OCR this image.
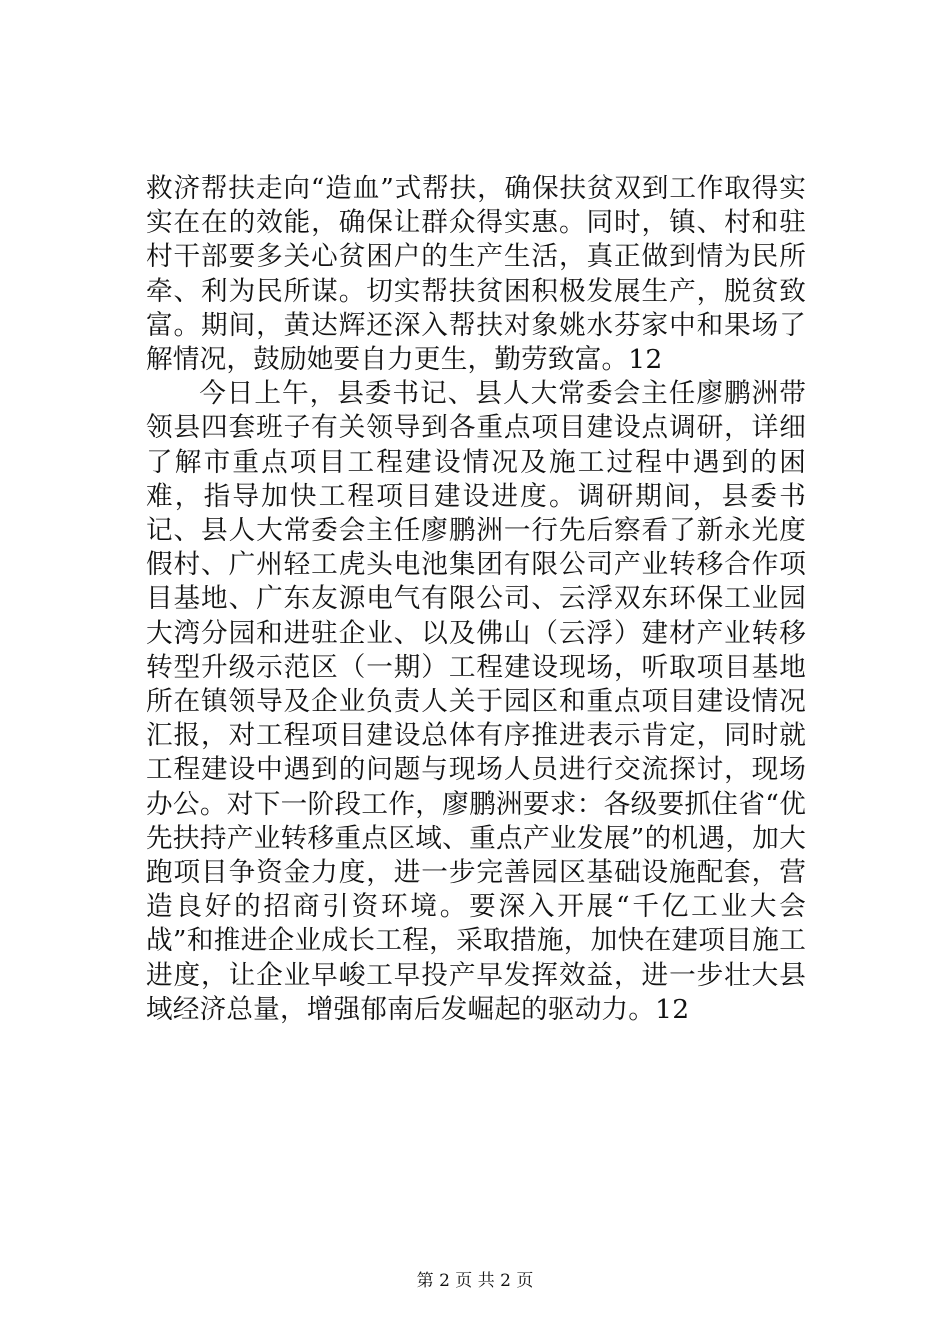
救济帮扶走向“造血”式帮扶，确保扶贫双到工作取得实实在在的效能，确保让群众得实惠。同时，镇、村和驻村干部要多关心贫困户的生产生活，真正做到情为民所牵、利为民所谋。切实帮扶贫困积极发展生产，脱贫致富。期间，黄达辉还深入帮扶对象姚水芬家中和果场了解情况，鼓励她要自力更生，勤劳致富。12

今日上午，县委书记、县人大常委会主任廖鹏洲带领县四套班子有关领导到各重点项目建设点调研，详细了解市重点项目工程建设情况及施工过程中遇到的困难，指导加快工程项目建设进度。调研期间，县委书记、县人大常委会主任廖鹏洲一行先后察看了新永光度假村、广州轻工虎头电池集团有限公司产业转移合作项目基地、广东友源电气有限公司、云浮双东环保工业园大湾分园和进驻企业、以及佛山（云浮）建材产业转移转型升级示范区（一期）工程建设现场，听取项目基地所在镇领导及企业负责人关于园区和重点项目建设情况汇报，对工程项目建设总体有序推进表示肯定，同时就工程建设中遇到的问题与现场人员进行交流探讨，现场办公。对下一阶段工作，廖鹏洲要求：各级要抓住省“优先扶持产业转移重点区域、重点产业发展”的机遇，加大跑项目争资金力度，进一步完善园区基础设施配套，营造良好的招商引资环境。要深入开展“千亿工业大会战”和推进企业成长工程，采取措施，加快在建项目施工进度，让企业早峻工早投产早发挥效益，进一步壮大县域经济总量，增强郁南后发崛起的驱动力。12

第 2 页 共 2 页
